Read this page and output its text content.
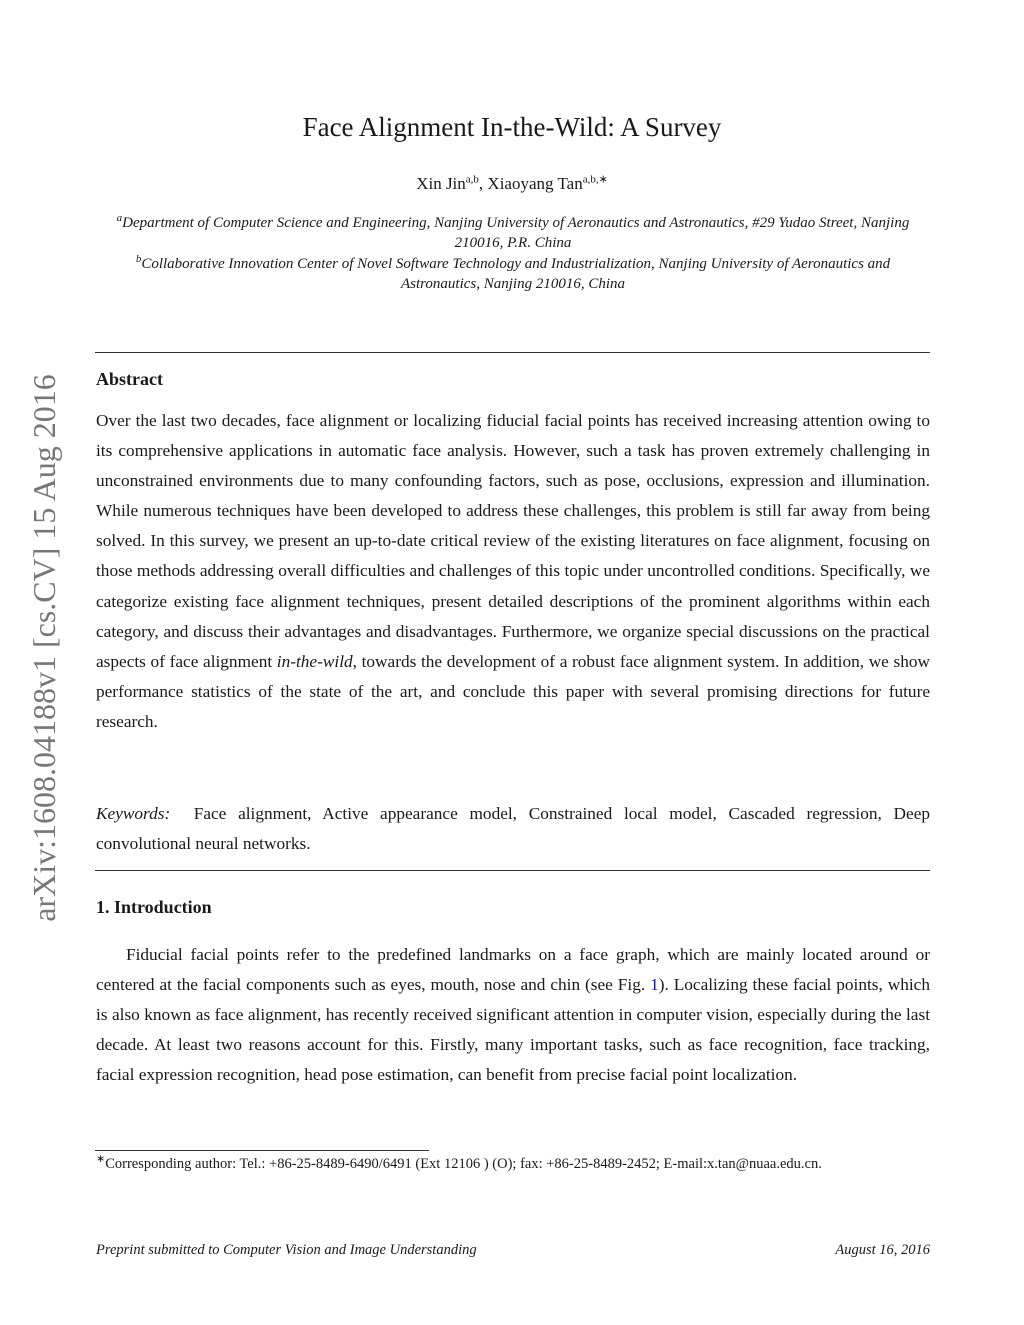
arXiv:1608.04188v1 [cs.CV] 15 Aug 2016
Face Alignment In-the-Wild: A Survey
Xin Jin$^{a,b}$, Xiaoyang Tan$^{a,b,∗}$
$^a$Department of Computer Science and Engineering, Nanjing University of Aeronautics and Astronautics, #29 Yudao Street, Nanjing 210016, P.R. China
$^b$Collaborative Innovation Center of Novel Software Technology and Industrialization, Nanjing University of Aeronautics and Astronautics, Nanjing 210016, China
Abstract
Over the last two decades, face alignment or localizing fiducial facial points has received increasing attention owing to its comprehensive applications in automatic face analysis. However, such a task has proven extremely challenging in unconstrained environments due to many confounding factors, such as pose, occlusions, expression and illumination. While numerous techniques have been developed to address these challenges, this problem is still far away from being solved. In this survey, we present an up-to-date critical review of the existing literatures on face alignment, focusing on those methods addressing overall difficulties and challenges of this topic under uncontrolled conditions. Specifically, we categorize existing face alignment techniques, present detailed descriptions of the prominent algorithms within each category, and discuss their advantages and disadvantages. Furthermore, we organize special discussions on the practical aspects of face alignment in-the-wild, towards the development of a robust face alignment system. In addition, we show performance statistics of the state of the art, and conclude this paper with several promising directions for future research.
Keywords: Face alignment, Active appearance model, Constrained local model, Cascaded regression, Deep convolutional neural networks.
1. Introduction
Fiducial facial points refer to the predefined landmarks on a face graph, which are mainly located around or centered at the facial components such as eyes, mouth, nose and chin (see Fig. 1). Localizing these facial points, which is also known as face alignment, has recently received significant attention in computer vision, especially during the last decade. At least two reasons account for this. Firstly, many important tasks, such as face recognition, face tracking, facial expression recognition, head pose estimation, can benefit from precise facial point localization.
∗Corresponding author: Tel.: +86-25-8489-6490/6491 (Ext 12106 ) (O); fax: +86-25-8489-2452; E-mail:x.tan@nuaa.edu.cn.
Preprint submitted to Computer Vision and Image Understanding	August 16, 2016
